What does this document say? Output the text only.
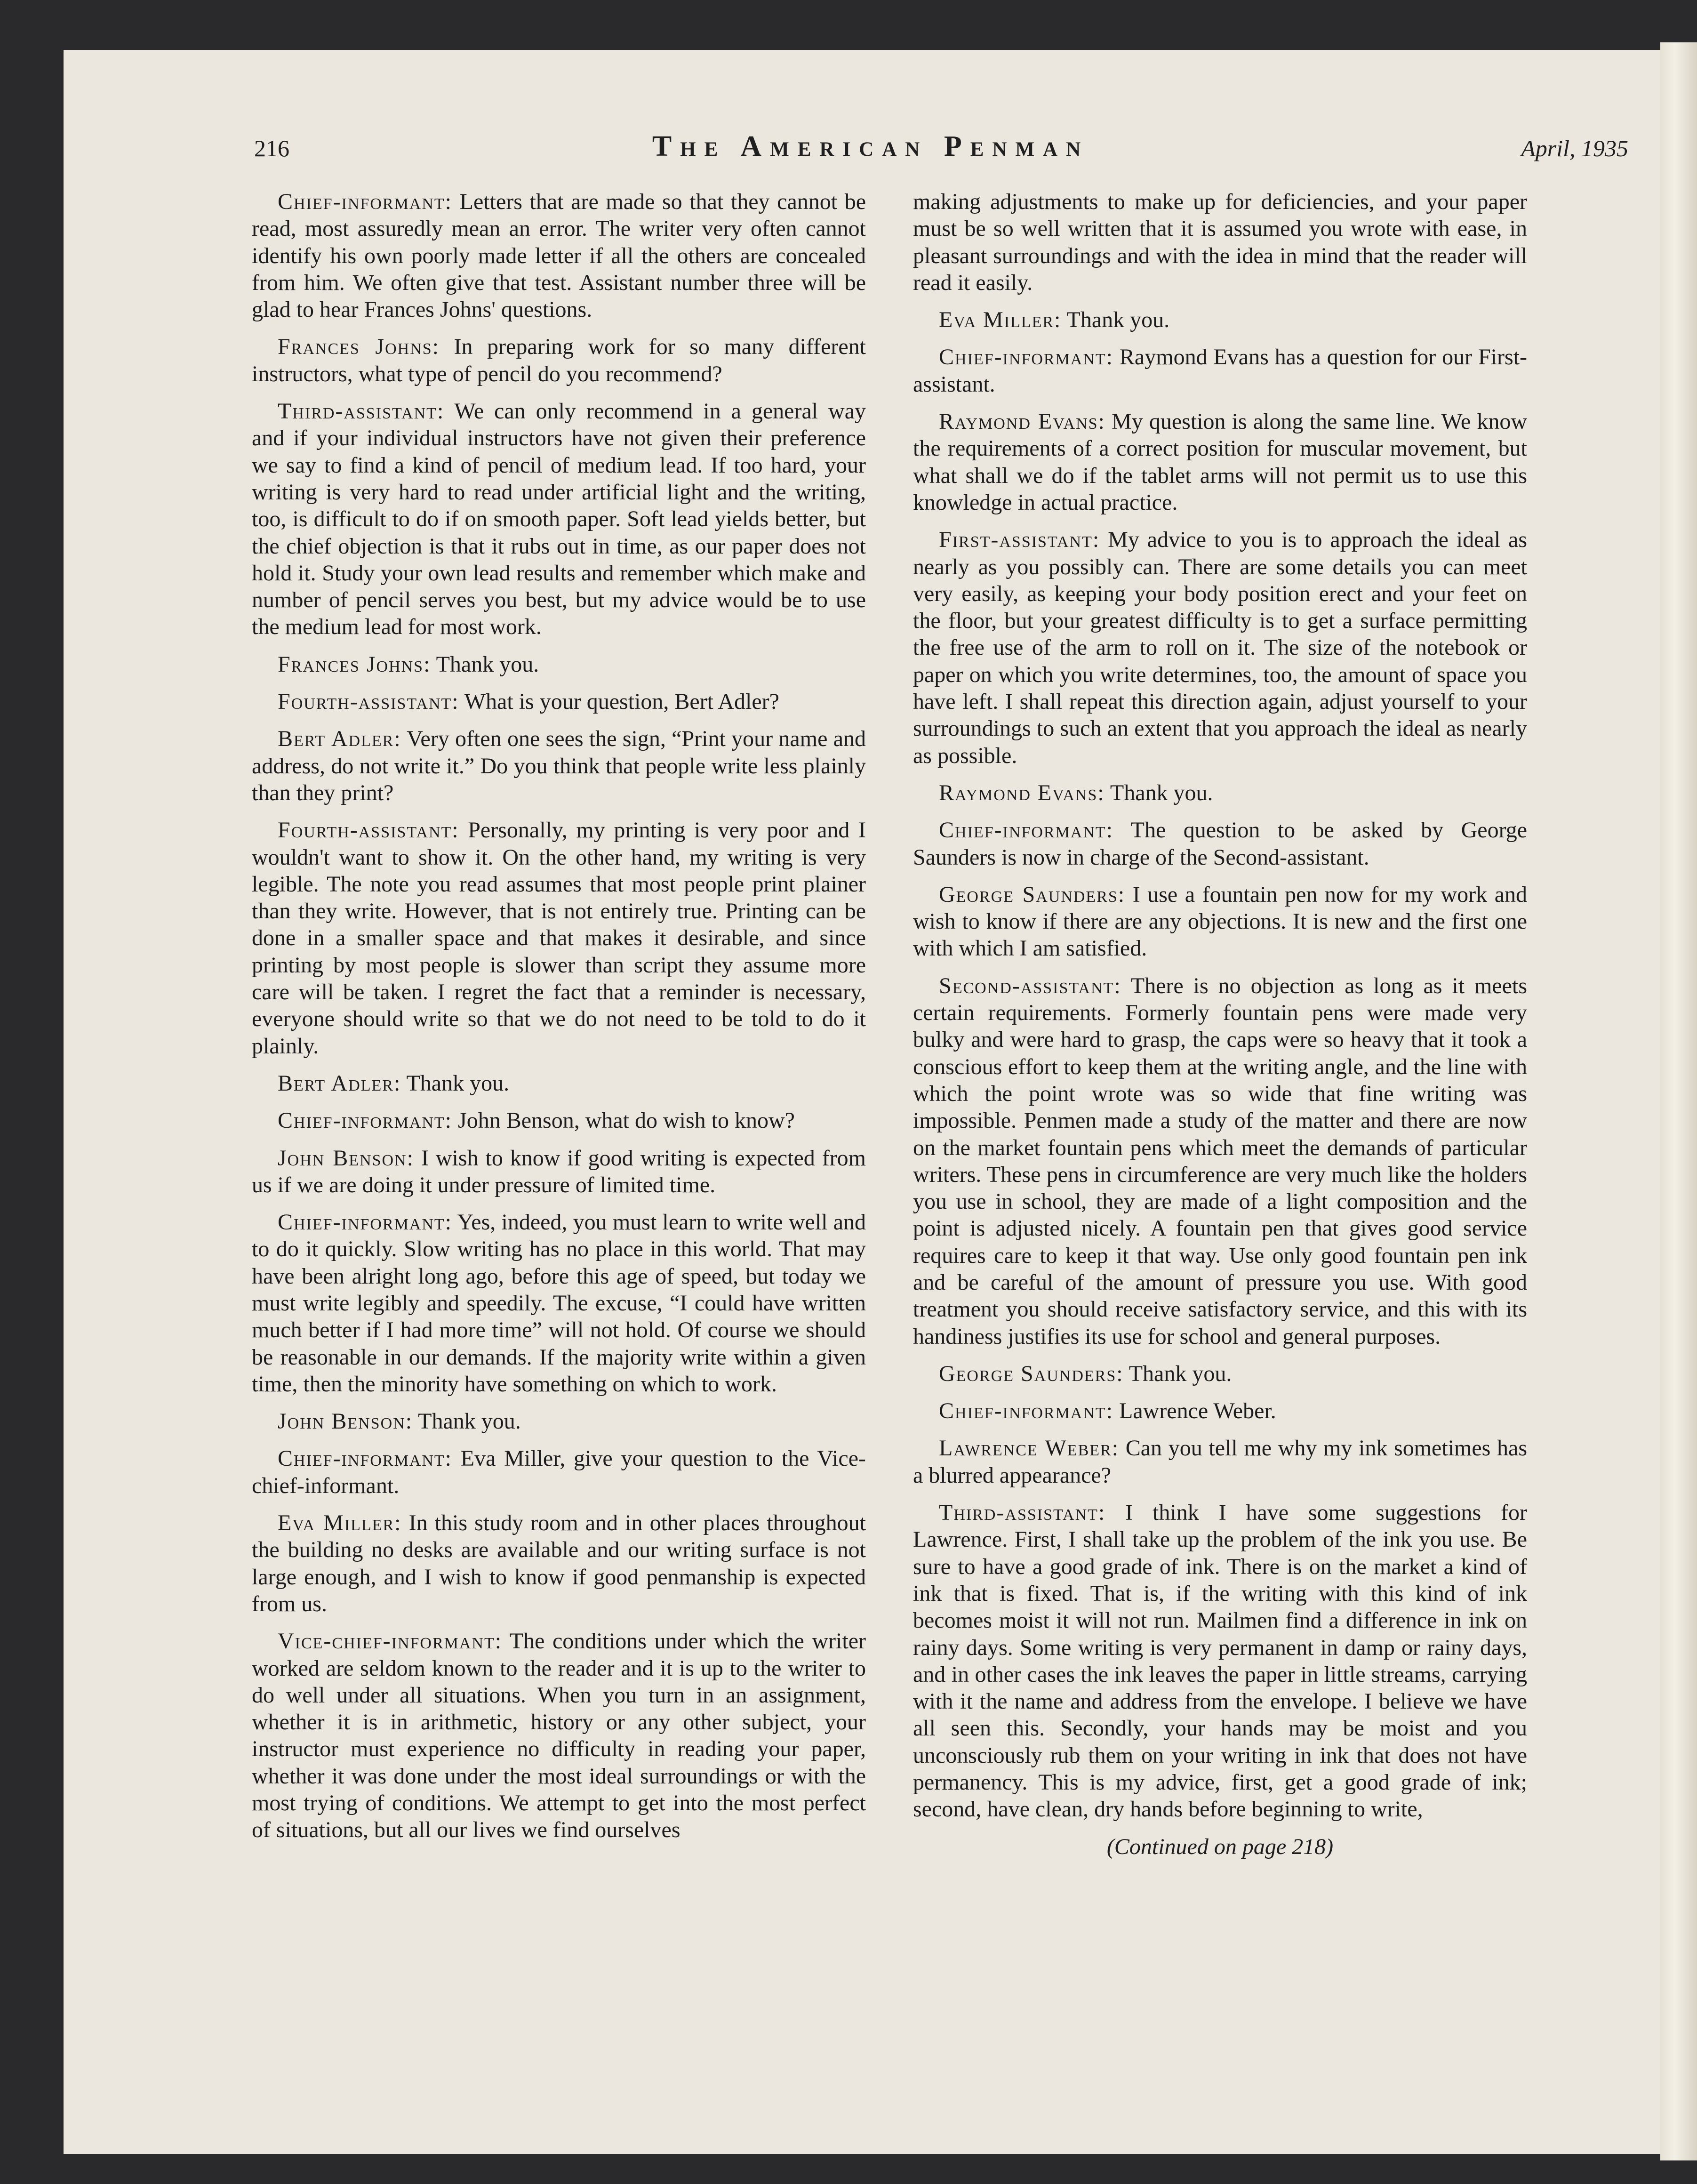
216	The American Penman	April, 1935

Chief-informant: Letters that are made so that they cannot be read, most assuredly mean an error. The writer very often cannot identify his own poorly made letter if all the others are concealed from him. We often give that test. Assistant number three will be glad to hear Frances Johns' questions.

Frances Johns: In preparing work for so many different instructors, what type of pencil do you recommend?

Third-assistant: We can only recommend in a general way and if your individual instructors have not given their preference we say to find a kind of pencil of medium lead. If too hard, your writing is very hard to read under artificial light and the writing, too, is difficult to do if on smooth paper. Soft lead yields better, but the chief objection is that it rubs out in time, as our paper does not hold it. Study your own lead results and remember which make and number of pencil serves you best, but my advice would be to use the medium lead for most work.

Frances Johns: Thank you.

Fourth-assistant: What is your question, Bert Adler?

Bert Adler: Very often one sees the sign, “Print your name and address, do not write it.” Do you think that people write less plainly than they print?

Fourth-assistant: Personally, my printing is very poor and I wouldn't want to show it. On the other hand, my writing is very legible. The note you read assumes that most people print plainer than they write. However, that is not entirely true. Printing can be done in a smaller space and that makes it desirable, and since printing by most people is slower than script they assume more care will be taken. I regret the fact that a reminder is necessary, everyone should write so that we do not need to be told to do it plainly.

Bert Adler: Thank you.

Chief-informant: John Benson, what do wish to know?

John Benson: I wish to know if good writing is expected from us if we are doing it under pressure of limited time.

Chief-informant: Yes, indeed, you must learn to write well and to do it quickly. Slow writing has no place in this world. That may have been alright long ago, before this age of speed, but today we must write legibly and speedily. The excuse, “I could have written much better if I had more time” will not hold. Of course we should be reasonable in our demands. If the majority write within a given time, then the minority have something on which to work.

John Benson: Thank you.

Chief-informant: Eva Miller, give your question to the Vice-chief-informant.

Eva Miller: In this study room and in other places throughout the building no desks are available and our writing surface is not large enough, and I wish to know if good penmanship is expected from us.

Vice-chief-informant: The conditions under which the writer worked are seldom known to the reader and it is up to the writer to do well under all situations. When you turn in an assignment, whether it is in arithmetic, history or any other subject, your instructor must experience no difficulty in reading your paper, whether it was done under the most ideal surroundings or with the most trying of conditions. We attempt to get into the most perfect of situations, but all our lives we find ourselves

making adjustments to make up for deficiencies, and your paper must be so well written that it is assumed you wrote with ease, in pleasant surroundings and with the idea in mind that the reader will read it easily.

Eva Miller: Thank you.

Chief-informant: Raymond Evans has a question for our First-assistant.

Raymond Evans: My question is along the same line. We know the requirements of a correct position for muscular movement, but what shall we do if the tablet arms will not permit us to use this knowledge in actual practice.

First-assistant: My advice to you is to approach the ideal as nearly as you possibly can. There are some details you can meet very easily, as keeping your body position erect and your feet on the floor, but your greatest difficulty is to get a surface permitting the free use of the arm to roll on it. The size of the notebook or paper on which you write determines, too, the amount of space you have left. I shall repeat this direction again, adjust yourself to your surroundings to such an extent that you approach the ideal as nearly as possible.

Raymond Evans: Thank you.

Chief-informant: The question to be asked by George Saunders is now in charge of the Second-assistant.

George Saunders: I use a fountain pen now for my work and wish to know if there are any objections. It is new and the first one with which I am satisfied.

Second-assistant: There is no objection as long as it meets certain requirements. Formerly fountain pens were made very bulky and were hard to grasp, the caps were so heavy that it took a conscious effort to keep them at the writing angle, and the line with which the point wrote was so wide that fine writing was impossible. Penmen made a study of the matter and there are now on the market fountain pens which meet the demands of particular writers. These pens in circumference are very much like the holders you use in school, they are made of a light composition and the point is adjusted nicely. A fountain pen that gives good service requires care to keep it that way. Use only good fountain pen ink and be careful of the amount of pressure you use. With good treatment you should receive satisfactory service, and this with its handiness justifies its use for school and general purposes.

George Saunders: Thank you.

Chief-informant: Lawrence Weber.

Lawrence Weber: Can you tell me why my ink sometimes has a blurred appearance?

Third-assistant: I think I have some suggestions for Lawrence. First, I shall take up the problem of the ink you use. Be sure to have a good grade of ink. There is on the market a kind of ink that is fixed. That is, if the writing with this kind of ink becomes moist it will not run. Mailmen find a difference in ink on rainy days. Some writing is very permanent in damp or rainy days, and in other cases the ink leaves the paper in little streams, carrying with it the name and address from the envelope. I believe we have all seen this. Secondly, your hands may be moist and you unconsciously rub them on your writing in ink that does not have permanency. This is my advice, first, get a good grade of ink; second, have clean, dry hands before beginning to write,

(Continued on page 218)
